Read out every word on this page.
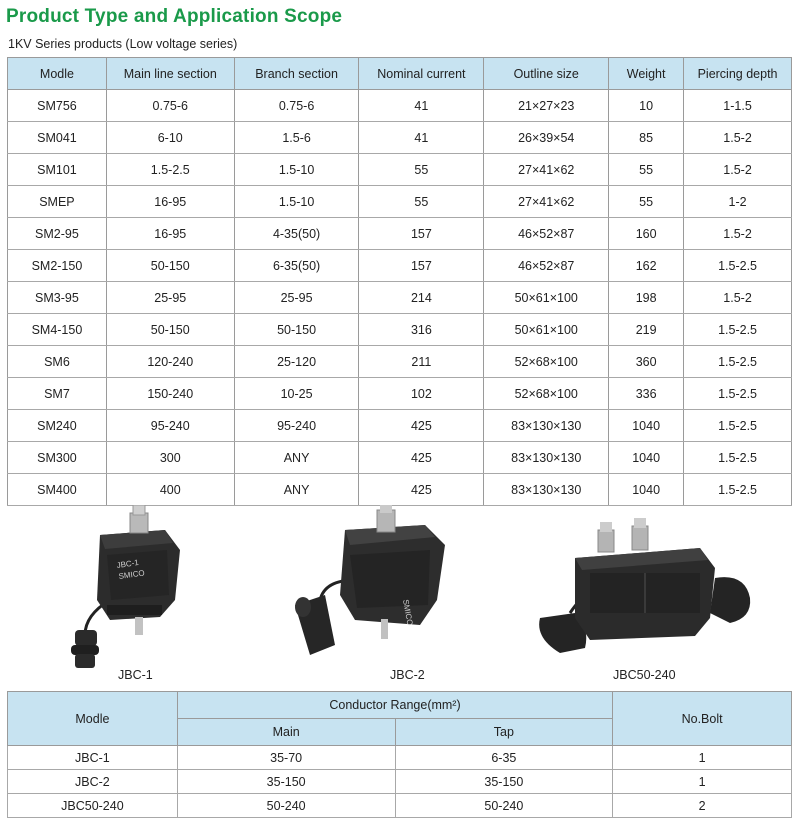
Product Type and Application Scope
1KV Series products (Low voltage series)
Modle	Main line section	Branch section	Nominal current	Outline size	Weight	Piercing depth
SM756	0.75-6	0.75-6	41	21×27×23	10	1-1.5
SM041	6-10	1.5-6	41	26×39×54	85	1.5-2
SM101	1.5-2.5	1.5-10	55	27×41×62	55	1.5-2
SMEP	16-95	1.5-10	55	27×41×62	55	1-2
SM2-95	16-95	4-35(50)	157	46×52×87	160	1.5-2
SM2-150	50-150	6-35(50)	157	46×52×87	162	1.5-2.5
SM3-95	25-95	25-95	214	50×61×100	198	1.5-2
SM4-150	50-150	50-150	316	50×61×100	219	1.5-2.5
SM6	120-240	25-120	211	52×68×100	360	1.5-2.5
SM7	150-240	10-25	102	52×68×100	336	1.5-2.5
SM240	95-240	95-240	425	83×130×130	1040	1.5-2.5
SM300	300	ANY	425	83×130×130	1040	1.5-2.5
SM400	400	ANY	425	83×130×130	1040	1.5-2.5
JBC-1
SMICO
SMICO
JBC-1	JBC-2	JBC50-240
Modle	Conductor Range(mm²)		No.Bolt
	Main	Tap	
JBC-1	35-70	6-35	1
JBC-2	35-150	35-150	1
JBC50-240	50-240	50-240	2
